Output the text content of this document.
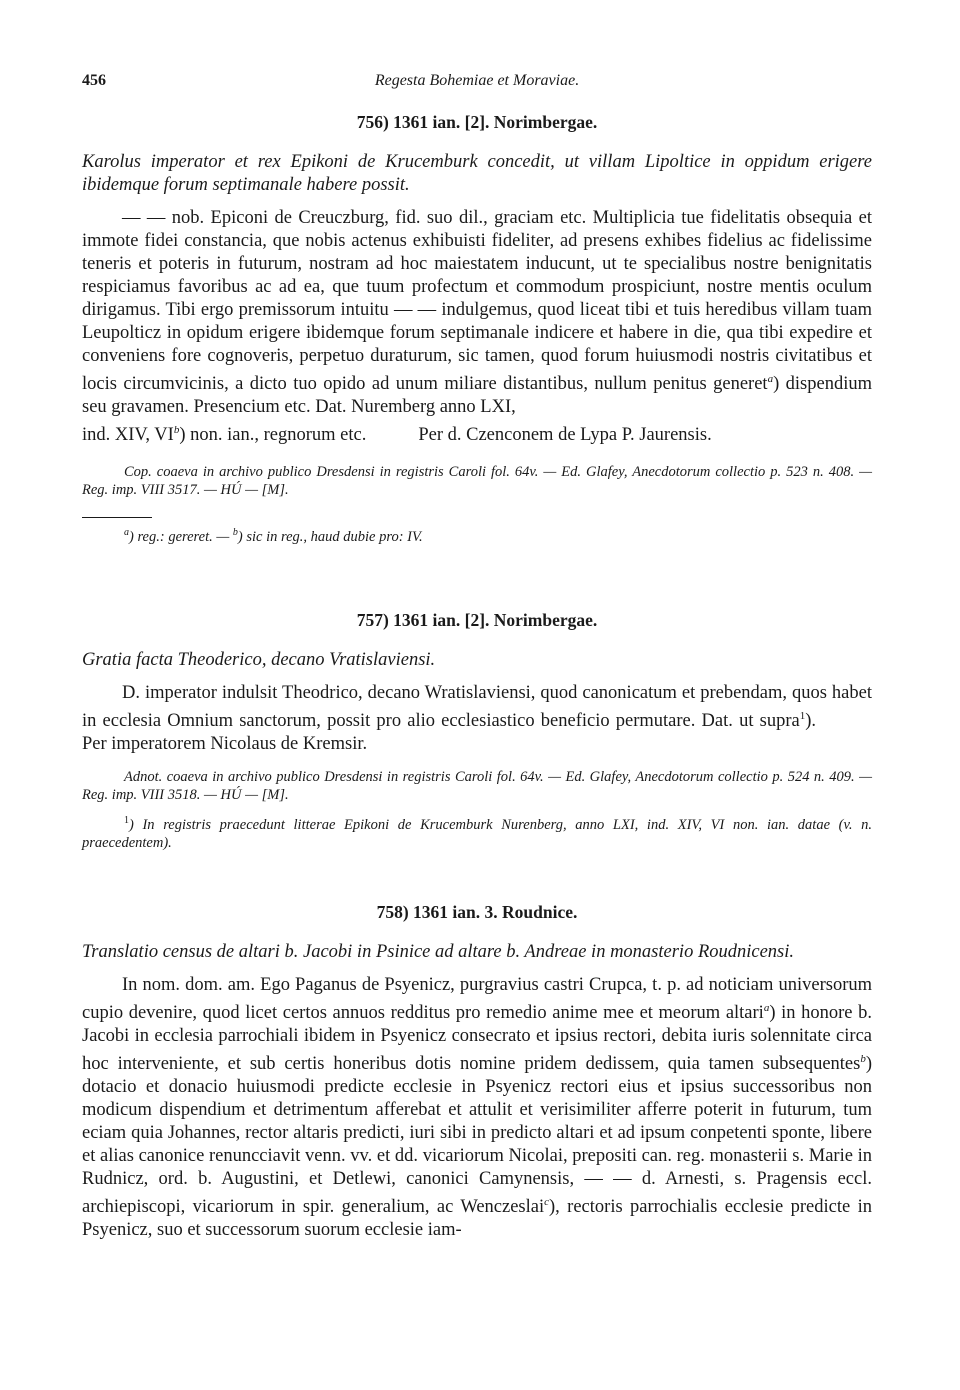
456	Regesta Bohemiae et Moraviae.
756) 1361 ian. [2]. Norimbergae.

Karolus imperator et rex Epikoni de Krucemburk concedit, ut villam Lipoltice in oppidum erigere ibidemque forum septimanale habere possit.

— — nob. Epiconi de Creuczburg, fid. suo dil., graciam etc. Multiplicia tue fidelitatis obsequia et immote fidei constancia, que nobis actenus exhibuisti fideliter, ad presens exhibes fidelius ac fidelissime teneris et poteris in futurum, nostram ad hoc maiestatem inducunt, ut te specialibus nostre benignitatis respiciamus favoribus ac ad ea, que tuum profectum et commodum prospiciunt, nostre mentis oculum dirigamus. Tibi ergo premissorum intuitu — — indulgemus, quod liceat tibi et tuis heredibus villam tuam Leupolticz in opidum erigere ibidemque forum septimanale indicere et habere in die, qua tibi expedire et conveniens fore cognoveris, perpetuo duraturum, sic tamen, quod forum huiusmodi nostris civitatibus et locis circumvicinis, a dicto tuo opido ad unum miliare distantibus, nullum penitus generet$^a$) dispendium seu gravamen. Presencium etc. Dat. Nuremberg anno LXI,

ind. XIV, $VI^b$) non. ian., regnorum etc.	Per d. Czenconem de Lypa P. Jaurensis.

Cop. coaeva in archivo publico Dresdensi in registris Caroli fol. 64v. — Ed. Glafey, Anecdotorum collectio p. 523 n. 408. — Reg. imp. VIII 3517. — HÚ — [M].

$^a$) reg.: gereret. — $^b$) sic in reg., haud dubie pro: IV.

757) 1361 ian. [2]. Norimbergae.

Gratia facta Theoderico, decano Vratislaviensi.

D. imperator indulsit Theodrico, decano Wratislaviensi, quod canonicatum et prebendam, quos habet in ecclesia Omnium sanctorum, possit pro alio ecclesiastico beneficio permutare. Dat. ut supra$^1$).Per imperatorem Nicolaus de Kremsir.

Adnot. coaeva in archivo publico Dresdensi in registris Caroli fol. 64v. — Ed. Glafey, Anecdotorum collectio p. 524 n. 409. — Reg. imp. VIII 3518. — HÚ — [M].

$^1$) In registris praecedunt litterae Epikoni de Krucemburk Nurenberg, anno LXI, ind. XIV, VI non. ian. datae (v. n. praecedentem).

758) 1361 ian. 3. Roudnice.

Translatio census de altari b. Jacobi in Psinice ad altare b. Andreae in monasterio Roudnicensi.

In nom. dom. am. Ego Paganus de Psyenicz, purgravius castri Crupca, t. p. ad noticiam universorum cupio devenire, quod licet certos annuos redditus pro remedio anime mee et meorum altari$^a$) in honore b. Jacobi in ecclesia parrochiali ibidem in Psyenicz consecrato et ipsius rectori, debita iuris solennitate circa hoc interveniente, et sub certis honeribus dotis nomine pridem dedissem, quia tamen subsequentes$^b$) dotacio et donacio huiusmodi predicte ecclesie in Psyenicz rectori eius et ipsius successoribus non modicum dispendium et detrimentum afferebat et attulit et verisimiliter afferre poterit in futurum, tum eciam quia Johannes, rector altaris predicti, iuri sibi in predicto altari et ad ipsum conpetenti sponte, libere et alias canonice renuncciavit venn. vv. et dd. vicariorum Nicolai, prepositi can. reg. monasterii s. Marie in Rudnicz, ord. b. Augustini, et Detlewi, canonici Camynensis, — — d. Arnesti, s. Pragensis eccl. archiepiscopi, vicariorum in spir. generalium, ac Wenczeslai$^c$), rectoris parrochialis ecclesie predicte in Psyenicz, suo et successorum suorum ecclesie iam-
